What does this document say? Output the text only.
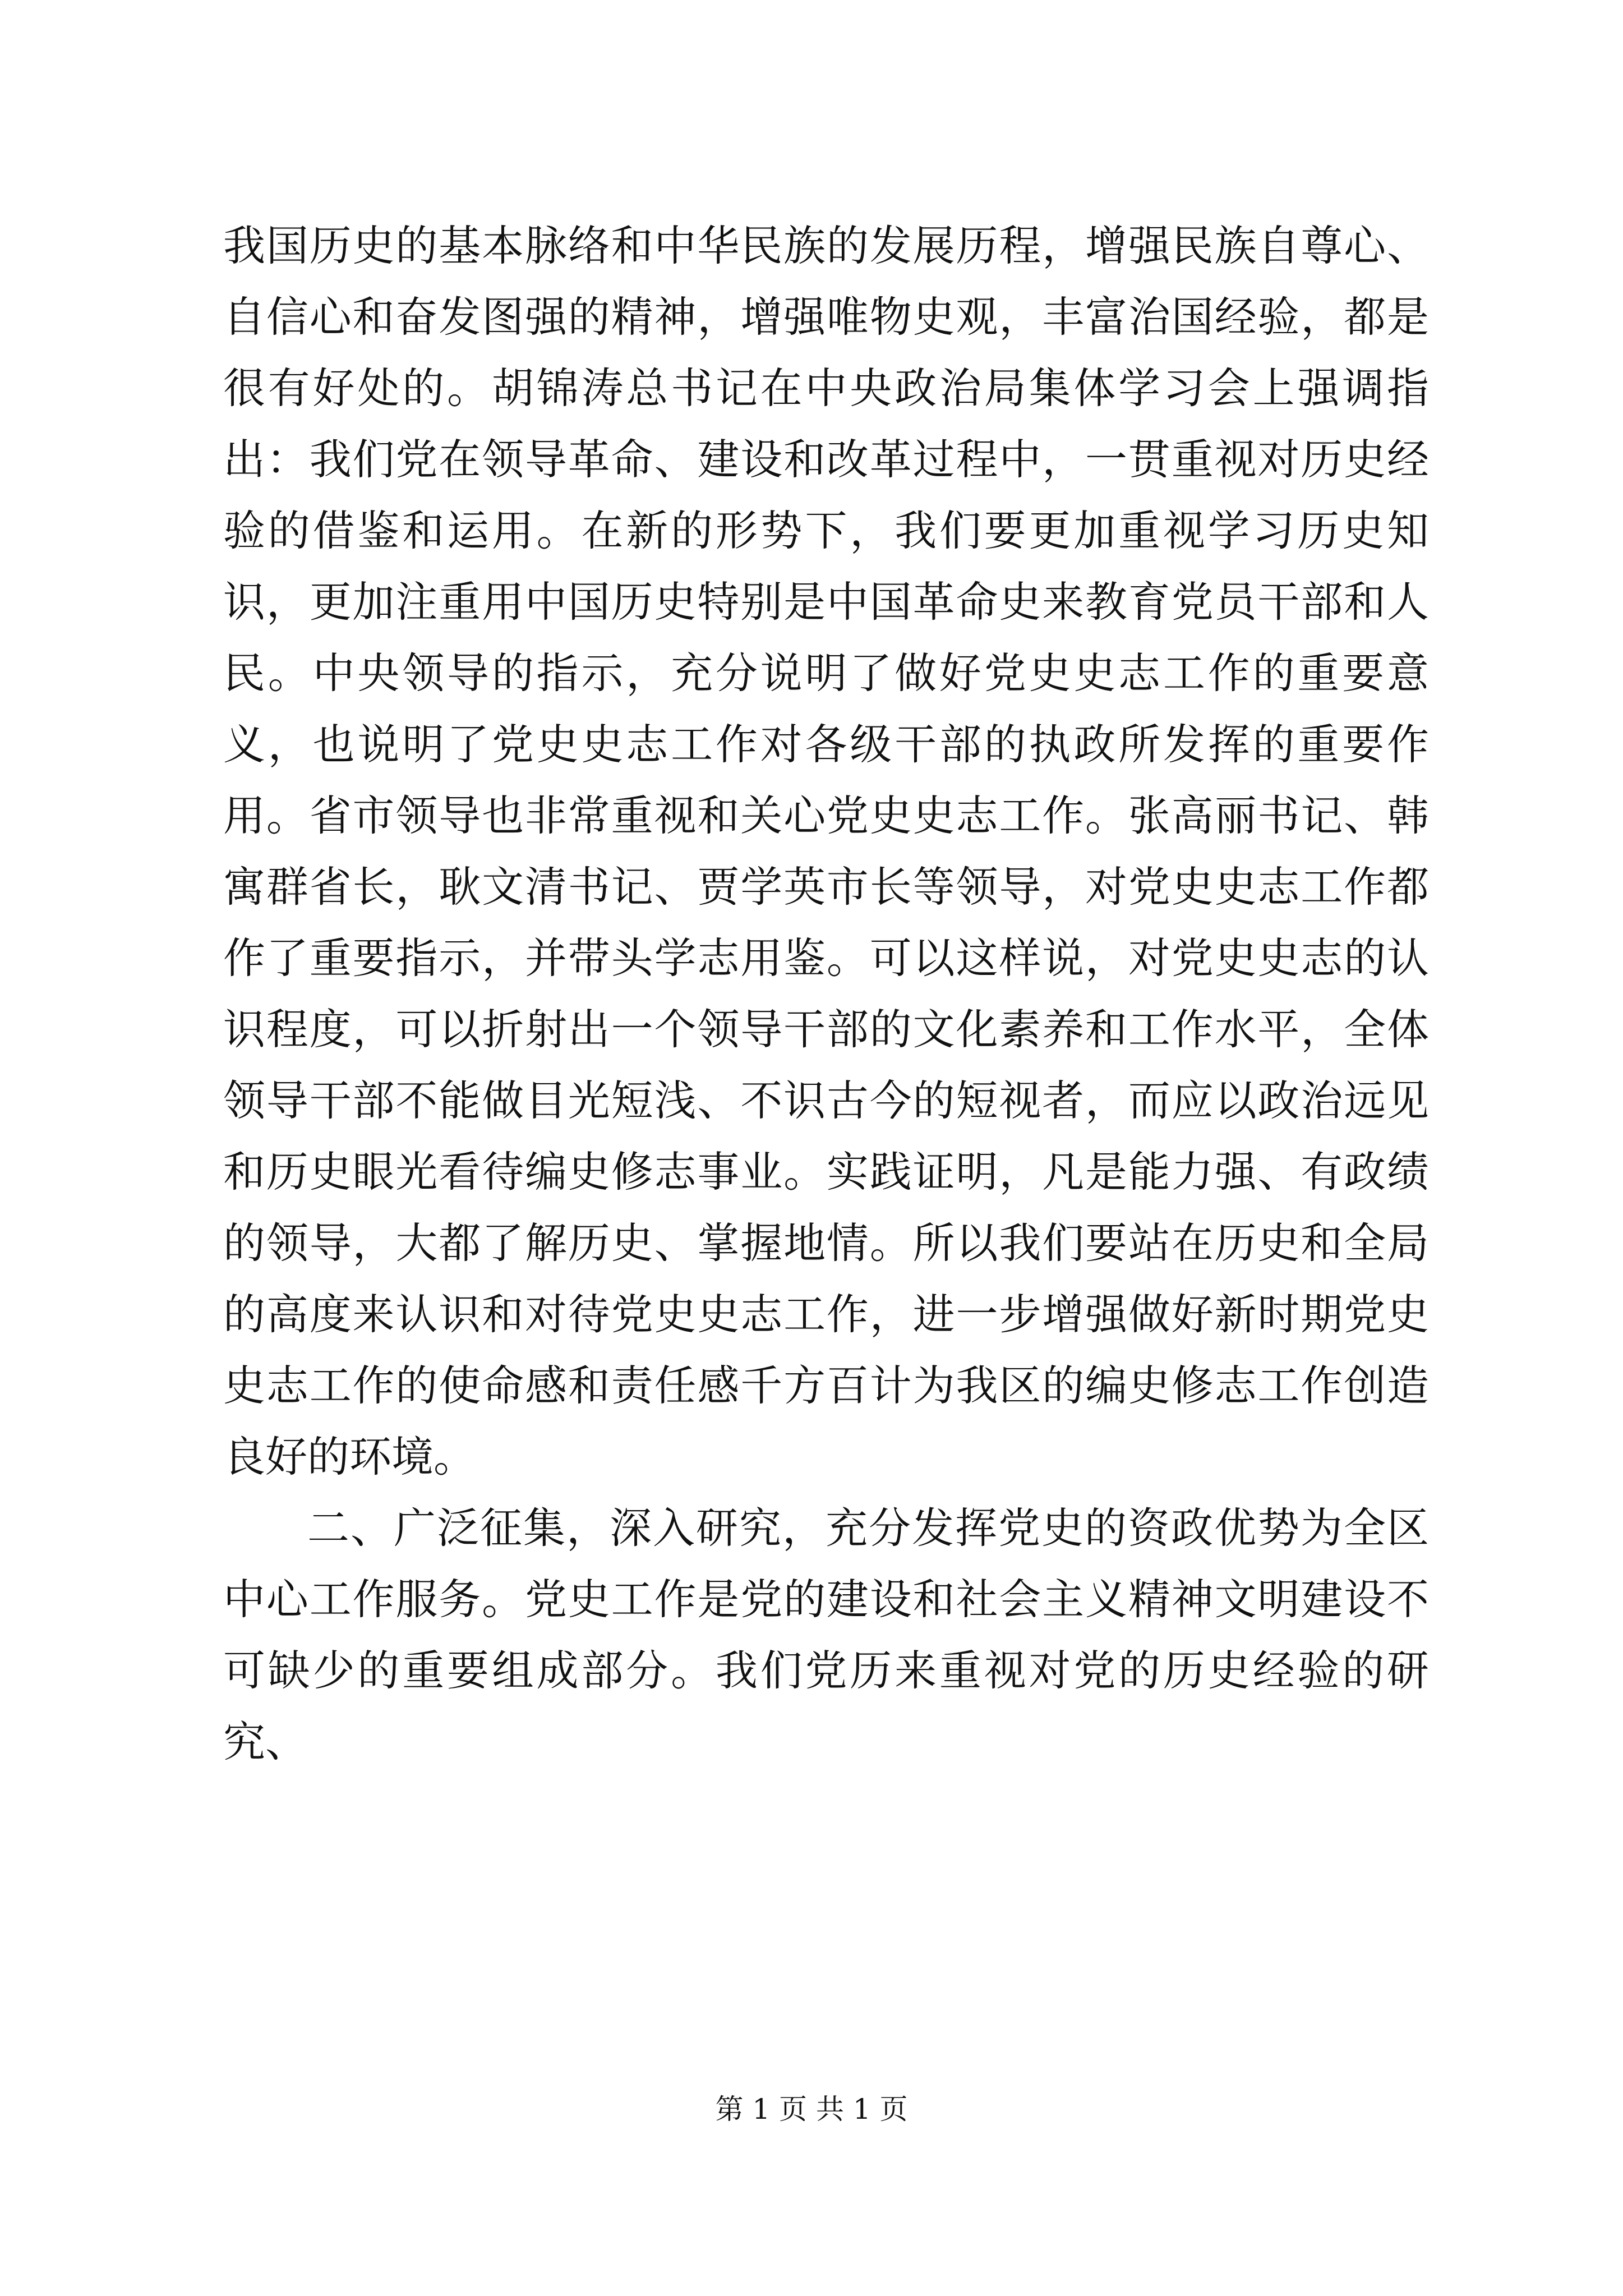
我国历史的基本脉络和中华民族的发展历程，增强民族自尊心、自信心和奋发图强的精神，增强唯物史观，丰富治国经验，都是很有好处的。胡锦涛总书记在中央政治局集体学习会上强调指出：我们党在领导革命、建设和改革过程中，一贯重视对历史经验的借鉴和运用。在新的形势下，我们要更加重视学习历史知识，更加注重用中国历史特别是中国革命史来教育党员干部和人民。中央领导的指示，充分说明了做好党史史志工作的重要意义，也说明了党史史志工作对各级干部的执政所发挥的重要作用。省市领导也非常重视和关心党史史志工作。张高丽书记、韩寓群省长，耿文清书记、贾学英市长等领导，对党史史志工作都作了重要指示，并带头学志用鉴。可以这样说，对党史史志的认识程度，可以折射出一个领导干部的文化素养和工作水平，全体领导干部不能做目光短浅、不识古今的短视者，而应以政治远见和历史眼光看待编史修志事业。实践证明，凡是能力强、有政绩的领导，大都了解历史、掌握地情。所以我们要站在历史和全局的高度来认识和对待党史史志工作，进一步增强做好新时期党史史志工作的使命感和责任感千方百计为我区的编史修志工作创造良好的环境。

二、广泛征集，深入研究，充分发挥党史的资政优势为全区中心工作服务。党史工作是党的建设和社会主义精神文明建设不可缺少的重要组成部分。我们党历来重视对党的历史经验的研究、

第 1 页 共 1 页
